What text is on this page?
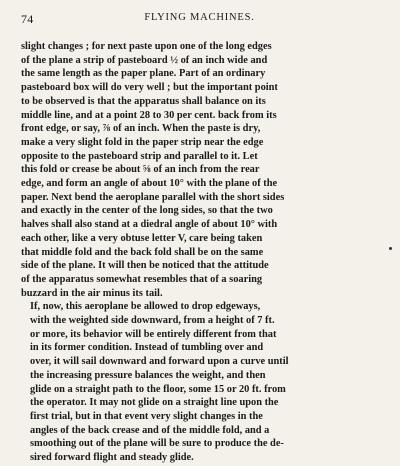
74	FLYING MACHINES.

slight changes ; for next paste upon one of the long edges
of the plane a strip of pasteboard ½ of an inch wide and
the same length as the paper plane. Part of an ordinary
pasteboard box will do very well ; but the important point
to be observed is that the apparatus shall balance on its
middle line, and at a point 28 to 30 per cent. back from its
front edge, or say, ⅞ of an inch. When the paste is dry,
make a very slight fold in the paper strip near the edge
opposite to the pasteboard strip and parallel to it. Let
this fold or crease be about ⅝ of an inch from the rear
edge, and form an angle of about 10° with the plane of the
paper. Next bend the aeroplane parallel with the short sides
and exactly in the center of the long sides, so that the two
halves shall also stand at a diedral angle of about 10° with
each other, like a very obtuse letter V, care being taken
that middle fold and the back fold shall be on the same
side of the plane. It will then be noticed that the attitude
of the apparatus somewhat resembles that of a soaring
buzzard in the air minus its tail.

If, now, this aeroplane be allowed to drop edgeways,
with the weighted side downward, from a height of 7 ft.
or more, its behavior will be entirely different from that
in its former condition. Instead of tumbling over and
over, it will sail downward and forward upon a curve until
the increasing pressure balances the weight, and then
glide on a straight path to the floor, some 15 or 20 ft. from
the operator. It may not glide on a straight line upon the
first trial, but in that event very slight changes in the
angles of the back crease and of the middle fold, and a
smoothing out of the plane will be sure to produce the de-
sired forward flight and steady glide.
